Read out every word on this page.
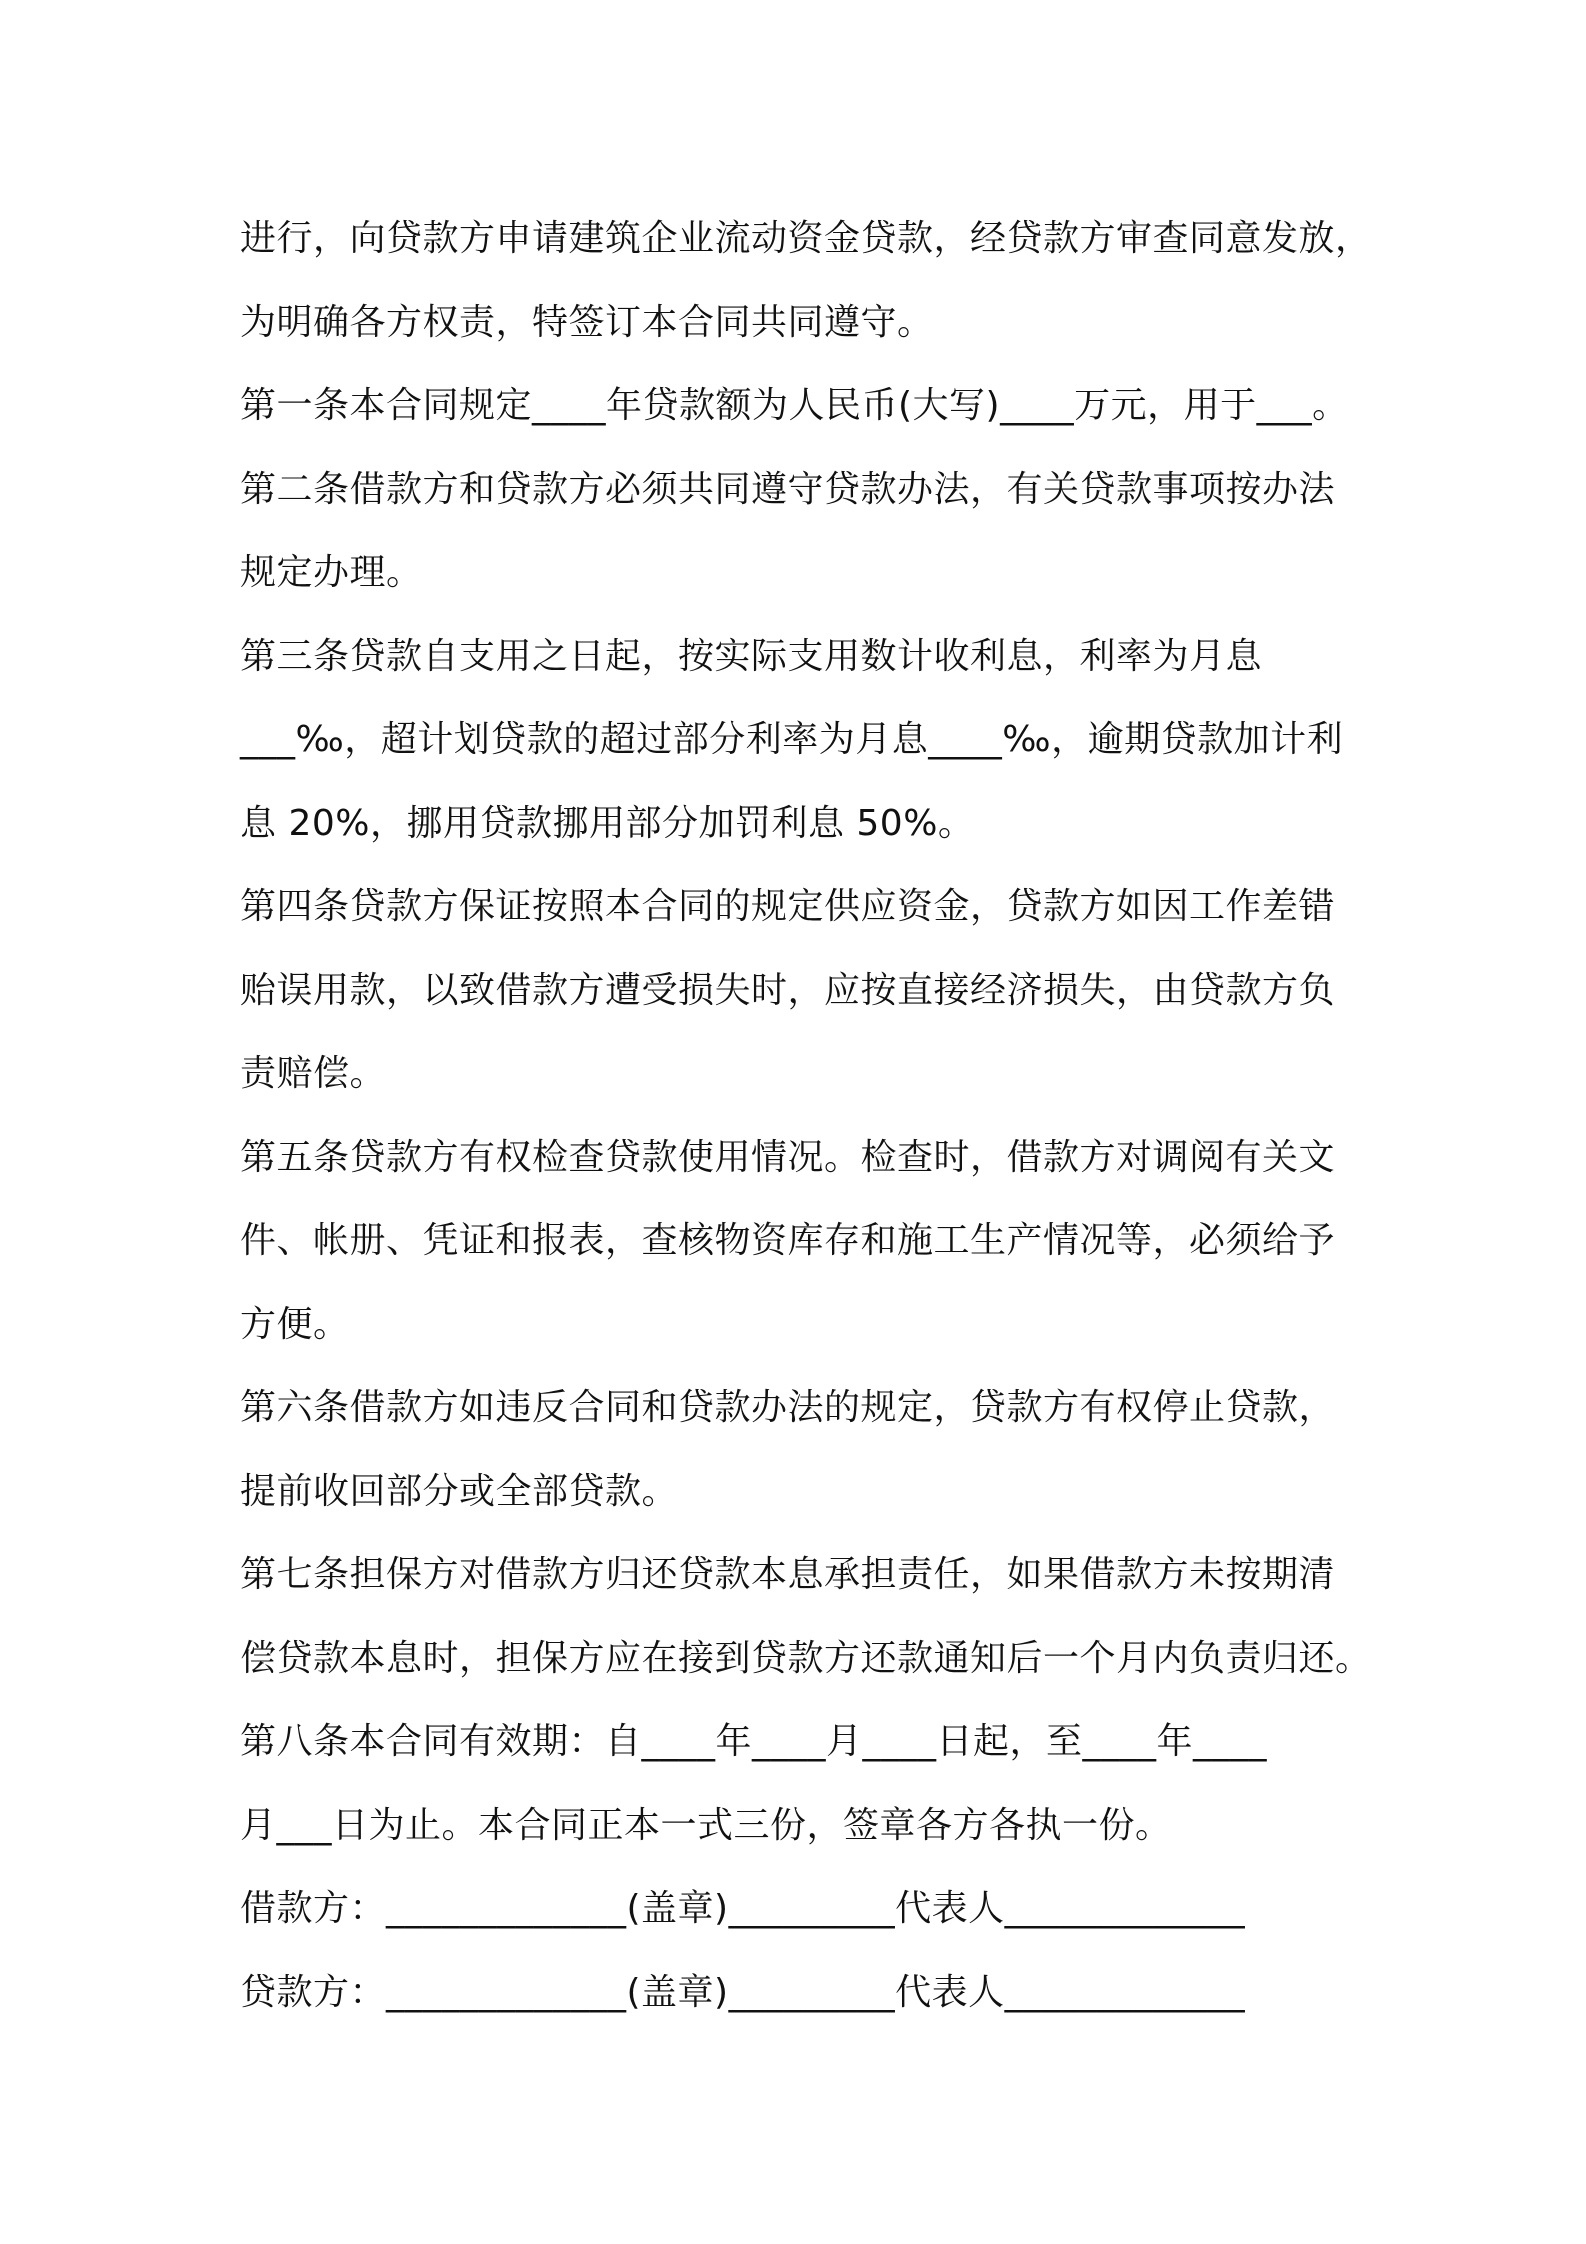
进行，向贷款方申请建筑企业流动资金贷款，经贷款方审查同意发放，
为明确各方权责，特签订本合同共同遵守。
第一条本合同规定____年贷款额为人民币(大写)____万元，用于___。
第二条借款方和贷款方必须共同遵守贷款办法，有关贷款事项按办法
规定办理。
第三条贷款自支用之日起，按实际支用数计收利息，利率为月息
___‰，超计划贷款的超过部分利率为月息____‰，逾期贷款加计利
息 20%，挪用贷款挪用部分加罚利息 50%。
第四条贷款方保证按照本合同的规定供应资金，贷款方如因工作差错
贻误用款，以致借款方遭受损失时，应按直接经济损失，由贷款方负
责赔偿。
第五条贷款方有权检查贷款使用情况。检查时，借款方对调阅有关文
件、帐册、凭证和报表，查核物资库存和施工生产情况等，必须给予
方便。
第六条借款方如违反合同和贷款办法的规定，贷款方有权停止贷款，
提前收回部分或全部贷款。
第七条担保方对借款方归还贷款本息承担责任，如果借款方未按期清
偿贷款本息时，担保方应在接到贷款方还款通知后一个月内负责归还。
第八条本合同有效期：自____年____月____日起，至____年____
月___日为止。本合同正本一式三份，签章各方各执一份。
借款方：_____________(盖章)_________代表人_____________
贷款方：_____________(盖章)_________代表人_____________
